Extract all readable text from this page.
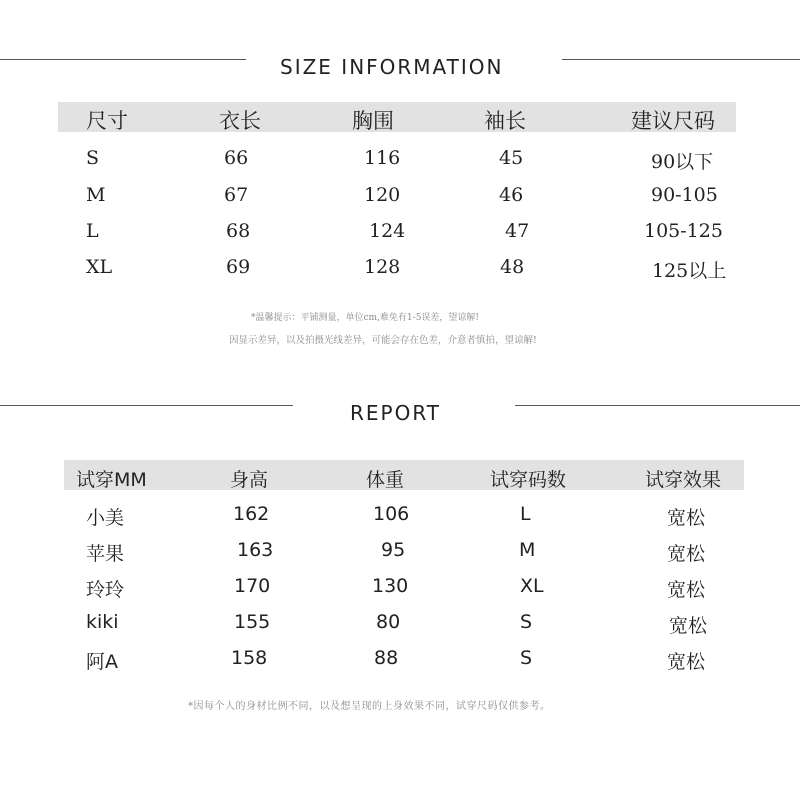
SIZE INFORMATION
尺寸	衣长	胸围	袖长	建议尺码
S	66	116	45	90以下
M	67	120	46	90-105
L	68	124	47	105-125
XL	69	128	48	125以上
*温馨提示：平铺测量，单位cm,难免有1-5误差，望谅解!
因显示差异，以及拍摄光线差异，可能会存在色差，介意者慎拍，望谅解!
REPORT
试穿MM	身高	体重	试穿码数	试穿效果
小美	162	106	L	宽松
苹果	163	95	M	宽松
玲玲	170	130	XL	宽松
kiki	155	80	S	宽松
阿A	158	88	S	宽松
*因每个人的身材比例不同，以及想呈现的上身效果不同，试穿尺码仅供参考。
